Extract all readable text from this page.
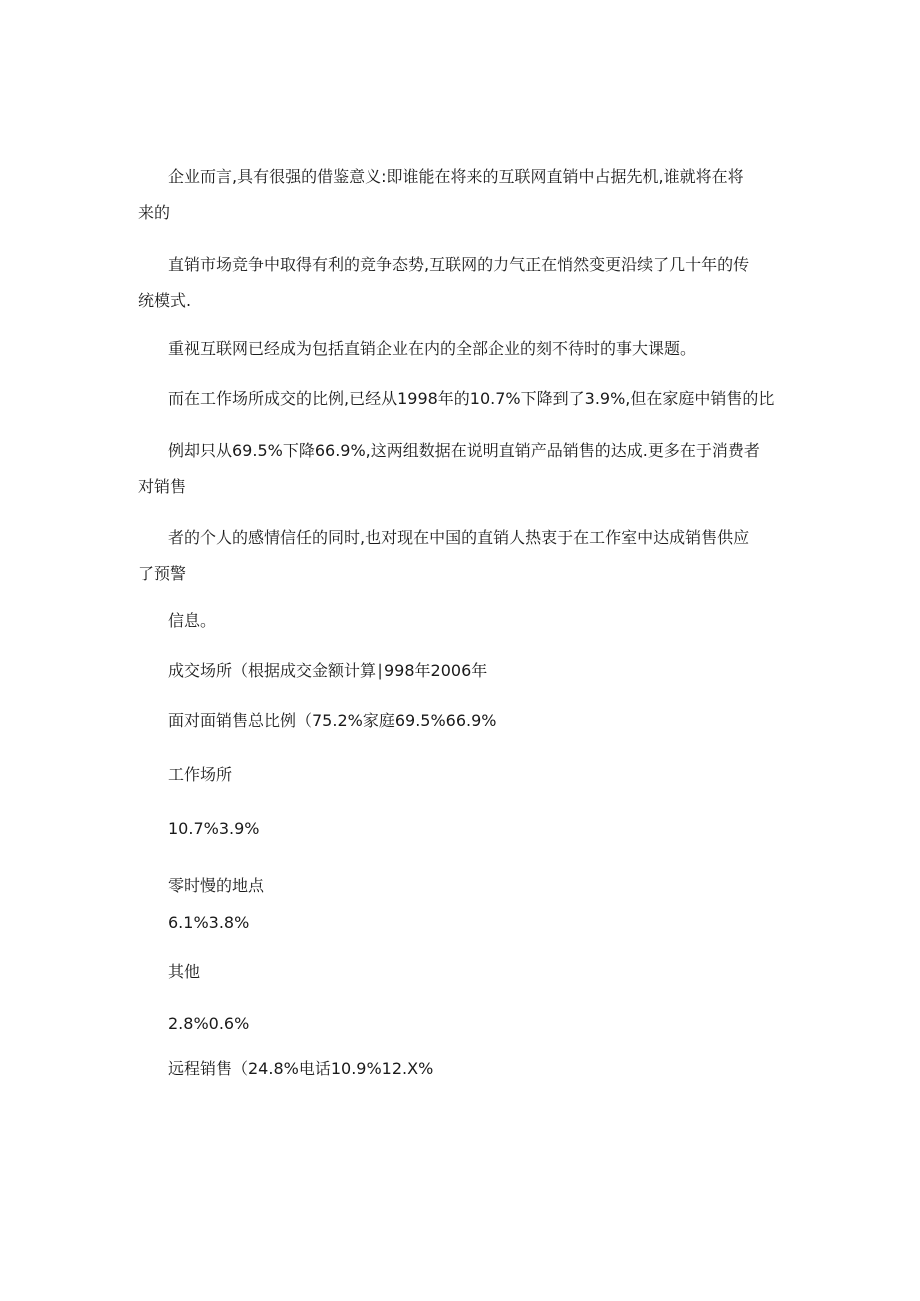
企业而言,具有很强的借鉴意义:即谁能在将来的互联网直销中占据先机,谁就将在将
来的
直销市场竞争中取得有利的竞争态势,互联网的力气正在悄然变更沿续了几十年的传
统模式.
重视互联网已经成为包括直销企业在内的全部企业的刻不待时的事大课题。
而在工作场所成交的比例,已经从1998年的10.7%下降到了3.9%,但在家庭中销售的比
例却只从69.5%下降66.9%,这两组数据在说明直销产品销售的达成.更多在于消费者
对销售
者的个人的感情信任的同时,也对现在中国的直销人热衷于在工作室中达成销售供应
了预警
信息。
成交场所（根据成交金额计算∣998年2006年
面对面销售总比例（75.2%家庭69.5%66.9%
工作场所
10.7%3.9%
零时慢的地点
6.1%3.8%
其他
2.8%0.6%
远程销售（24.8%电话10.9%12.X%
